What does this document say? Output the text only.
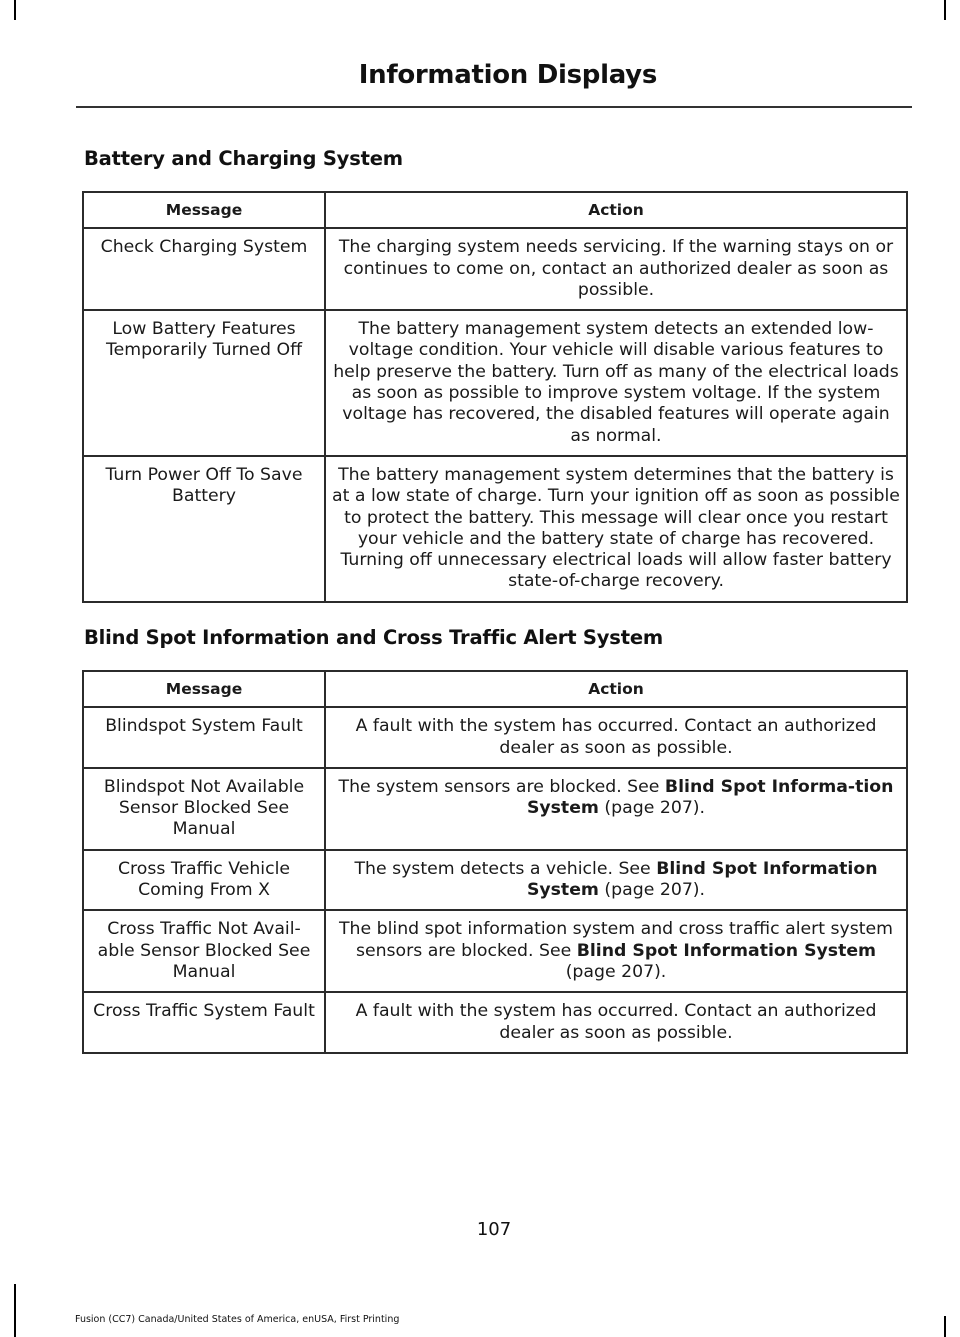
Information Displays
Battery and Charging System
Message	Action
Check Charging System	The charging system needs servicing. If the warning stays on or continues to come on, contact an authorized dealer as soon as possible.
Low Battery Features Temporarily Turned Off	The battery management system detects an extended low-voltage condition. Your vehicle will disable various features to help preserve the battery. Turn off as many of the electrical loads as soon as possible to improve system voltage. If the system voltage has recovered, the disabled features will operate again as normal.
Turn Power Off To Save Battery	The battery management system determines that the battery is at a low state of charge. Turn your ignition off as soon as possible to protect the battery. This message will clear once you restart your vehicle and the battery state of charge has recovered. Turning off unnecessary electrical loads will allow faster battery state-of-charge recovery.
Blind Spot Information and Cross Traffic Alert System
Message	Action
Blindspot System Fault	A fault with the system has occurred. Contact an authorized dealer as soon as possible.
Blindspot Not Available Sensor Blocked See Manual	The system sensors are blocked. See Blind Spot Informa-tion System (page 207).
Cross Traffic Vehicle Coming From X	The system detects a vehicle. See Blind Spot Information System (page 207).
Cross Traffic Not Avail-able Sensor Blocked See Manual	The blind spot information system and cross traffic alert system sensors are blocked. See Blind Spot Information System (page 207).
Cross Traffic System Fault	A fault with the system has occurred. Contact an authorized dealer as soon as possible.
107
Fusion (CC7) Canada/United States of America, enUSA, First Printing
